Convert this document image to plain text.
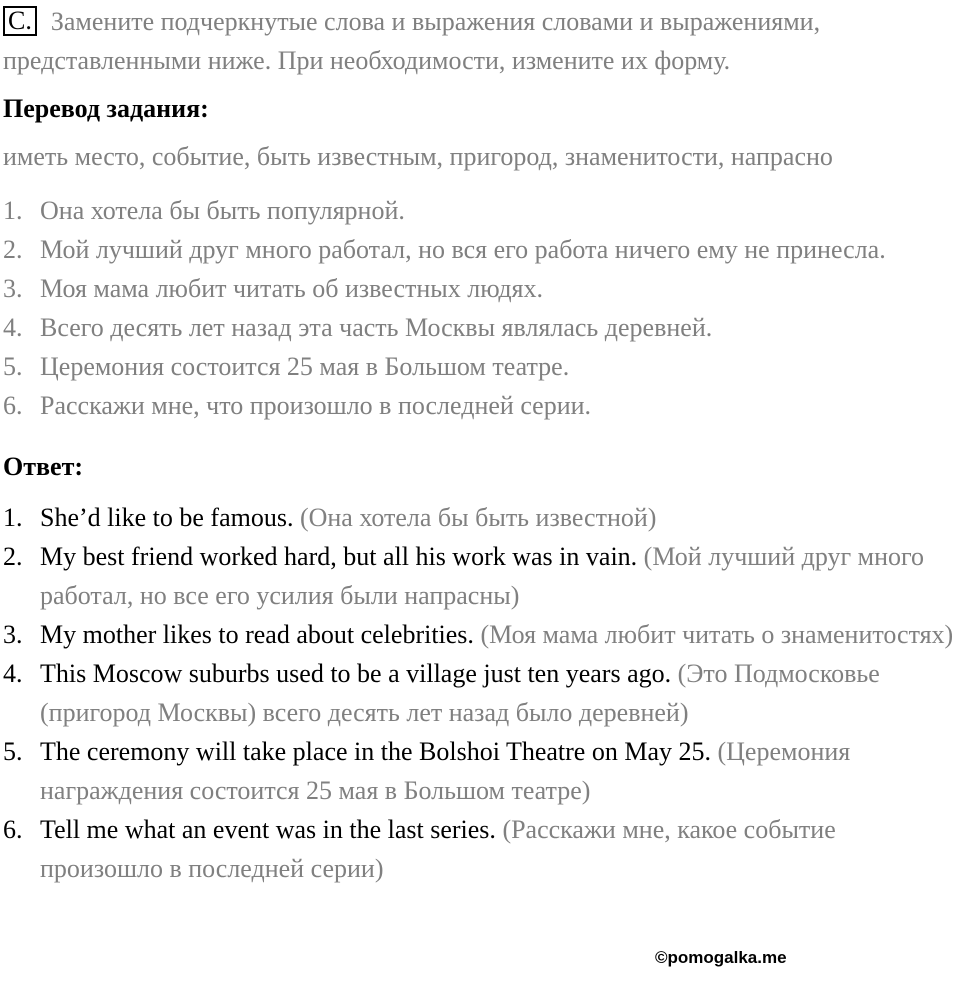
C. Замените подчеркнутые слова и выражения словами и выражениями, представленными ниже. При необходимости, измените их форму.
Перевод задания:
иметь место, событие, быть известным, пригород, знаменитости, напрасно
1. Она хотела бы быть популярной.
2. Мой лучший друг много работал, но вся его работа ничего ему не принесла.
3. Моя мама любит читать об известных людях.
4. Всего десять лет назад эта часть Москвы являлась деревней.
5. Церемония состоится 25 мая в Большом театре.
6. Расскажи мне, что произошло в последней серии.
Ответ:
1. She’d like to be famous. (Она хотела бы быть известной)
2. My best friend worked hard, but all his work was in vain. (Мой лучший друг много работал, но все его усилия были напрасны)
3. My mother likes to read about celebrities. (Моя мама любит читать о знаменитостях)
4. This Moscow suburbs used to be a village just ten years ago. (Это Подмосковье (пригород Москвы) всего десять лет назад было деревней)
5. The ceremony will take place in the Bolshoi Theatre on May 25. (Церемония награждения состоится 25 мая в Большом театре)
6. Tell me what an event was in the last series. (Расскажи мне, какое событие произошло в последней серии)
©pomogalka.me
